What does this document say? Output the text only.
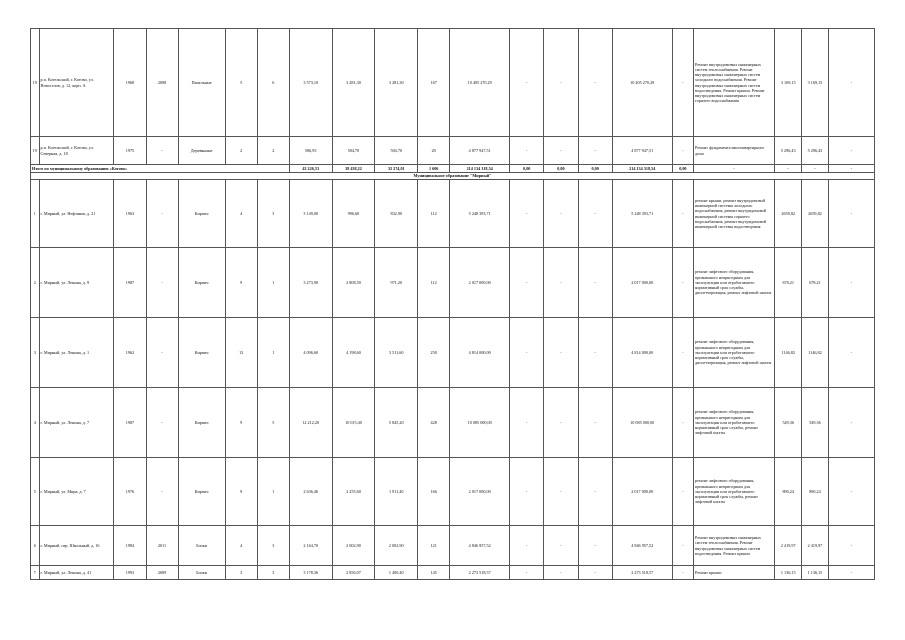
19	р.п. Котельский, г. Котово, ул. Новоселов, д. 12, корп. А	1968	2008	Панельные	5	6	3 573,10	3 281,30	3 281,30	167	10 405 270,29	-	-	-	10 405 270,29	-	Ремонт внутридомовых инженерных систем теплоснабжения. Ремонт внутридомовых инженерных систем холодного водоснабжения. Ремонт внутридомовых инженерных систем водоотведения. Ремонт крыши. Ремонт внутридомовых инженерных систем горячего водоснабжения	3 169,15	3 169,15	-
19	р.п. Котельский, г. Котово, ул. Северная, д. 18	1975	-	Деревянные	2	2	586,95	504,70	504,70	20	4 877 947,51	-	-	-	4 877 947,51	-	Ремонт фундамента многоквартирного дома	5 296,43	5 296,43	-
Итого по муниципальному образованию «Котово»							43 226,53	38 438,22	32 274,01	1 606	214 134 318,54	0,00	0,00	0,00	214 134 318,54	0,00	-	-	-	-
Муниципальное образование "Мирный"																				
1	г. Мирный, ул. Нефтяная, д. 21	1963	-	Кирпич	4	3	3 149,00	996,60	832,90	112	5 248 393,71	-	-	-	5 248 393,71	-	ремонт крыши, ремонт внутридомовой инженерной системы холодного водоснабжения, ремонт внутридомовой инженерной системы горячего водоснабжения, ремонт внутридомовой инженерной системы водоотведения	2659,82	2659,82	-
2	г. Мирный, ул. Ленина, д. 9	1987	-	Кирпич	9	1	3 273,90	2 808,50	971,20	112	2 017 000,00	-	-	-	2 017 000,00	-	ремонт лифтового оборудования, признанного непригодным для эксплуатации или отработавшего нормативный срок службы, диспетчеризация, ремонт лифтовой шахты	678,21	678,21	-
3	г. Мирный, ул. Ленина, д. 1	1962	-	Кирпич	13	1	4 096,60	4 198,60	3 511,60	250	4 814 000,00	-	-	-	4 814 000,00	-	ремонт лифтового оборудования, признанного непригодным для эксплуатации или отработавшего нормативный срок службы, диспетчеризация, ремонт лифтовой шахты	1146,82	1146,82	-
4	г. Мирный, ул. Ленина, д. 7	1987	-	Кирпич	9	5	12 212,20	10 015,40	5 845,20	428	10 085 000,00	-	-	-	10 085 000,00	-	ремонт лифтового оборудования, признанного непригодным для эксплуатации или отработавшего нормативный срок службы, ремонт лифтовой шахты	549,36	549,36	-
5	г. Мирный, ул. Мира, д. 7	1976	-	Кирпич	9	1	2 636,46	2 255,60	1 911,40	166	2 017 000,00	-	-	-	2 017 000,00	-	ремонт лифтового оборудования, признанного непригодным для эксплуатации или отработавшего нормативный срок службы, ремонт лифтовой шахты	890,24	890,24	-
6	г. Мирный, пер. Школьный, д. 16	1984	2011	Блоки	4	3	2 164,70	2 002,90	2 002,90	121	4 846 957,52	-	-	-	4 846 957,52	-	Ремонт внутридомовых инженерных систем теплоснабжения. Ремонт внутридомовых инженерных систем водоотведения. Ремонт крыши	2 419,97	2 419,97	-
7	г. Мирный, ул. Ленина, д. 41	1993	2009	Блоки	3	3	3 178,36	2 856,07	1 400,40	145	2 273 518,57	-	-	-	2 273 518,57	-	Ремонт крыши	1 136,15	1 136,15	-
